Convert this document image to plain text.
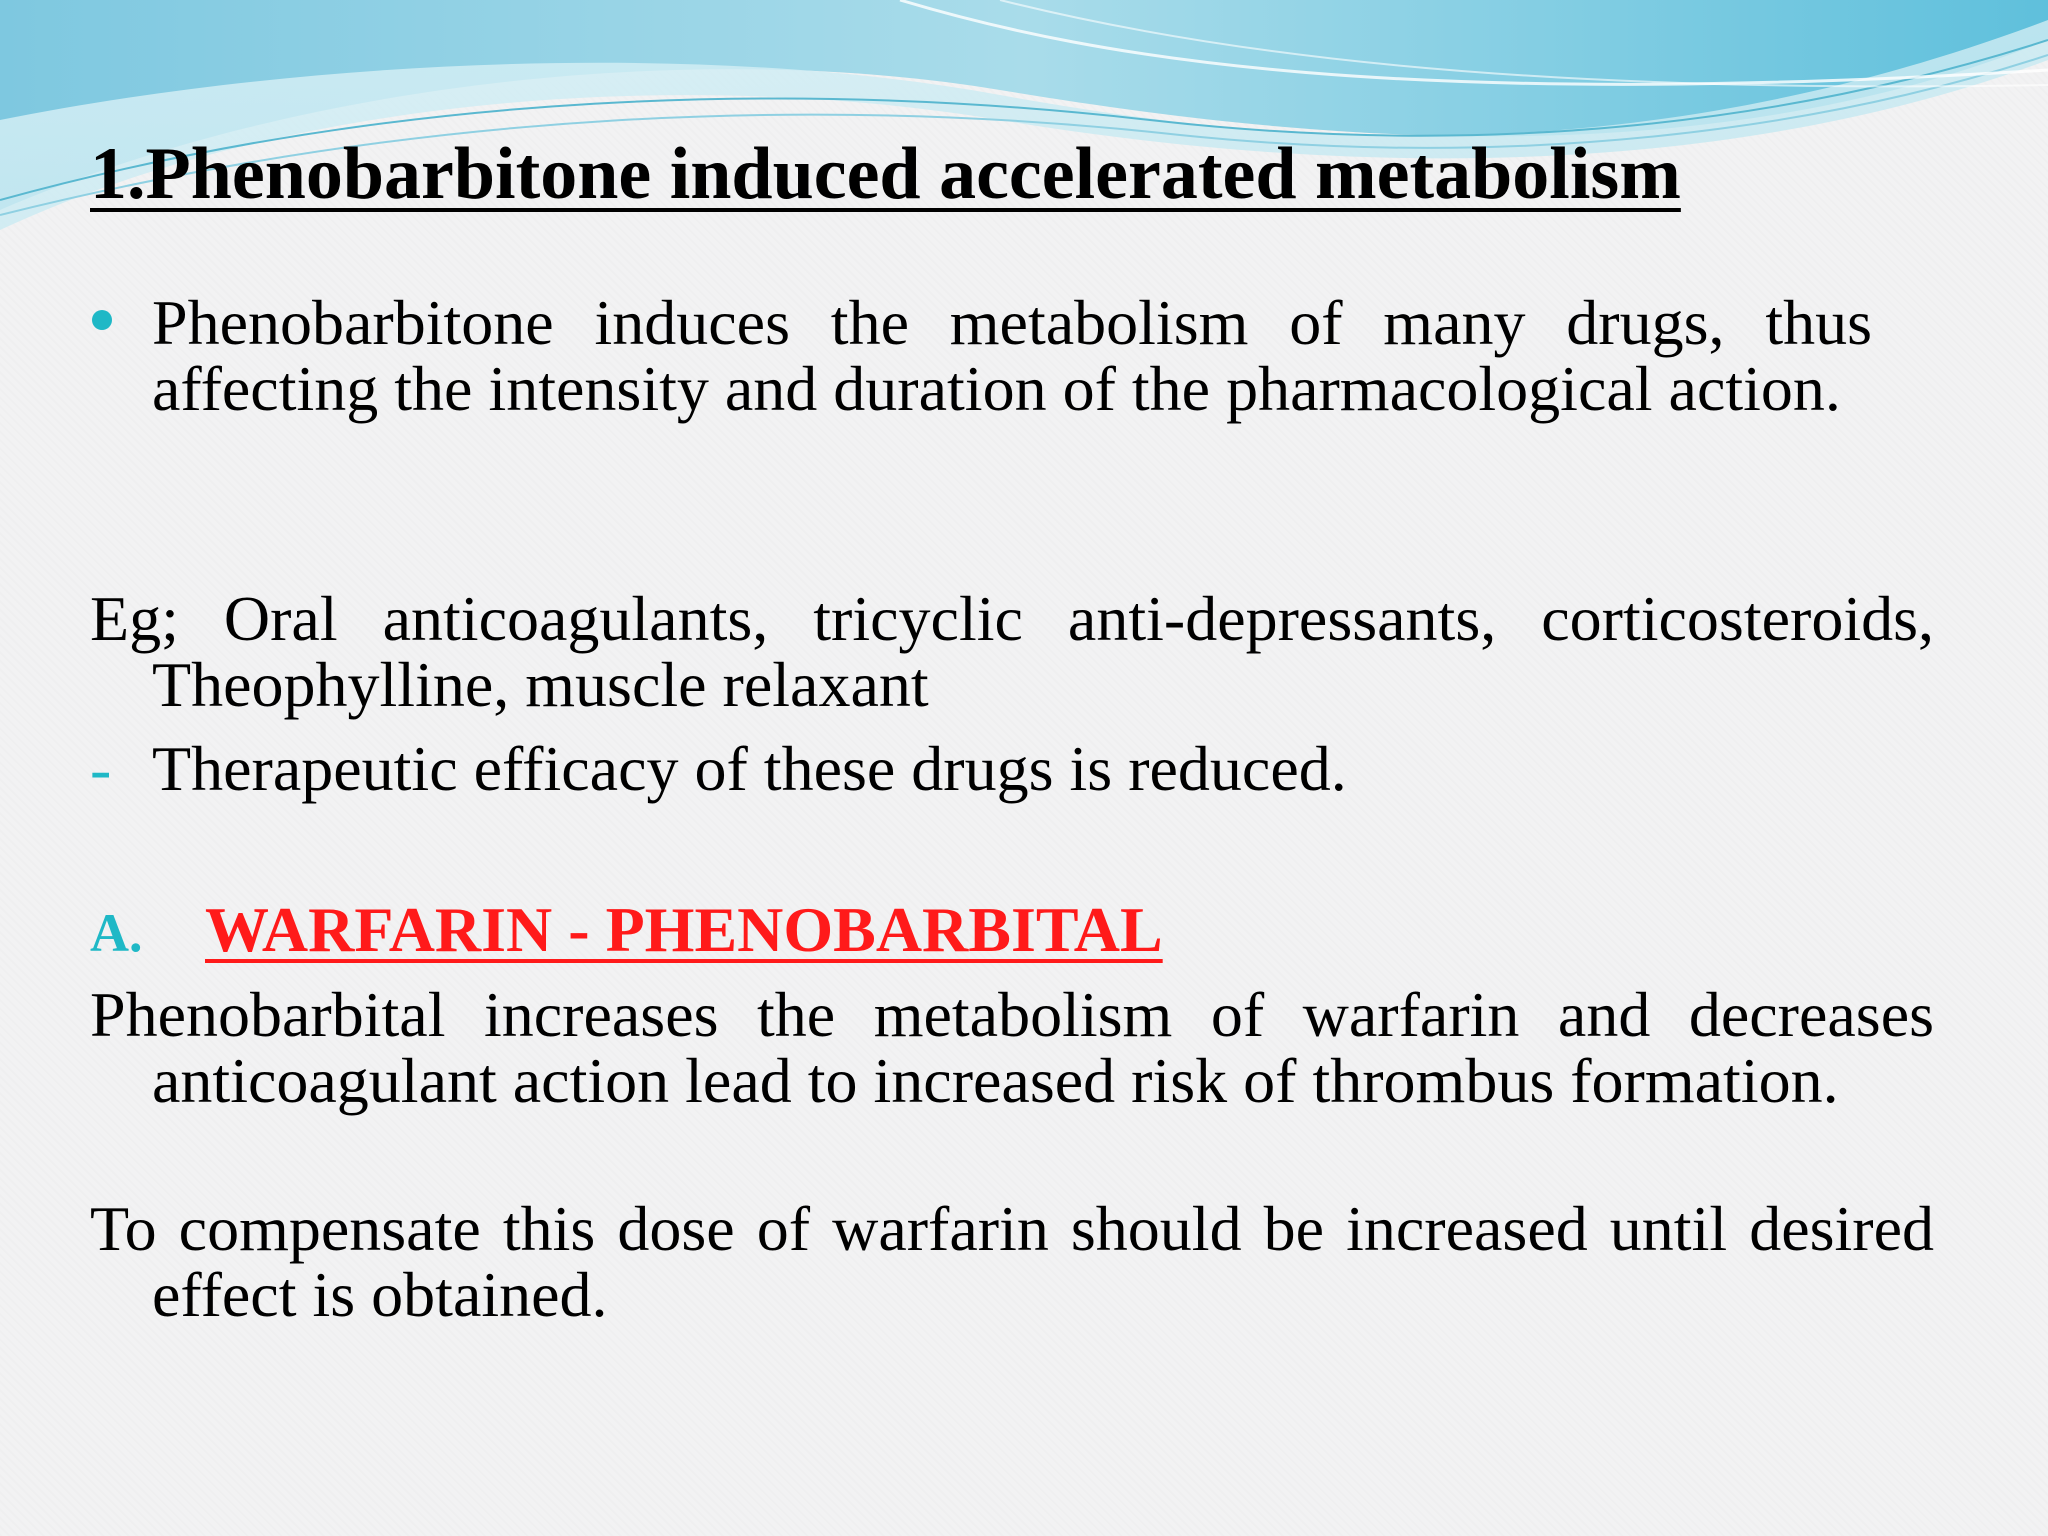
1.Phenobarbitone induced accelerated metabolism
Phenobarbitone induces the metabolism of many drugs, thus affecting the intensity and duration of the pharmacological action.
Eg; Oral anticoagulants, tricyclic anti-depressants, corticosteroids, Theophylline, muscle relaxant
- Therapeutic efficacy of these drugs is reduced.
A. WARFARIN - PHENOBARBITAL
Phenobarbital increases the metabolism of warfarin and decreases anticoagulant action lead to increased risk of thrombus formation.
To compensate this dose of warfarin should be increased until desired effect is obtained.
